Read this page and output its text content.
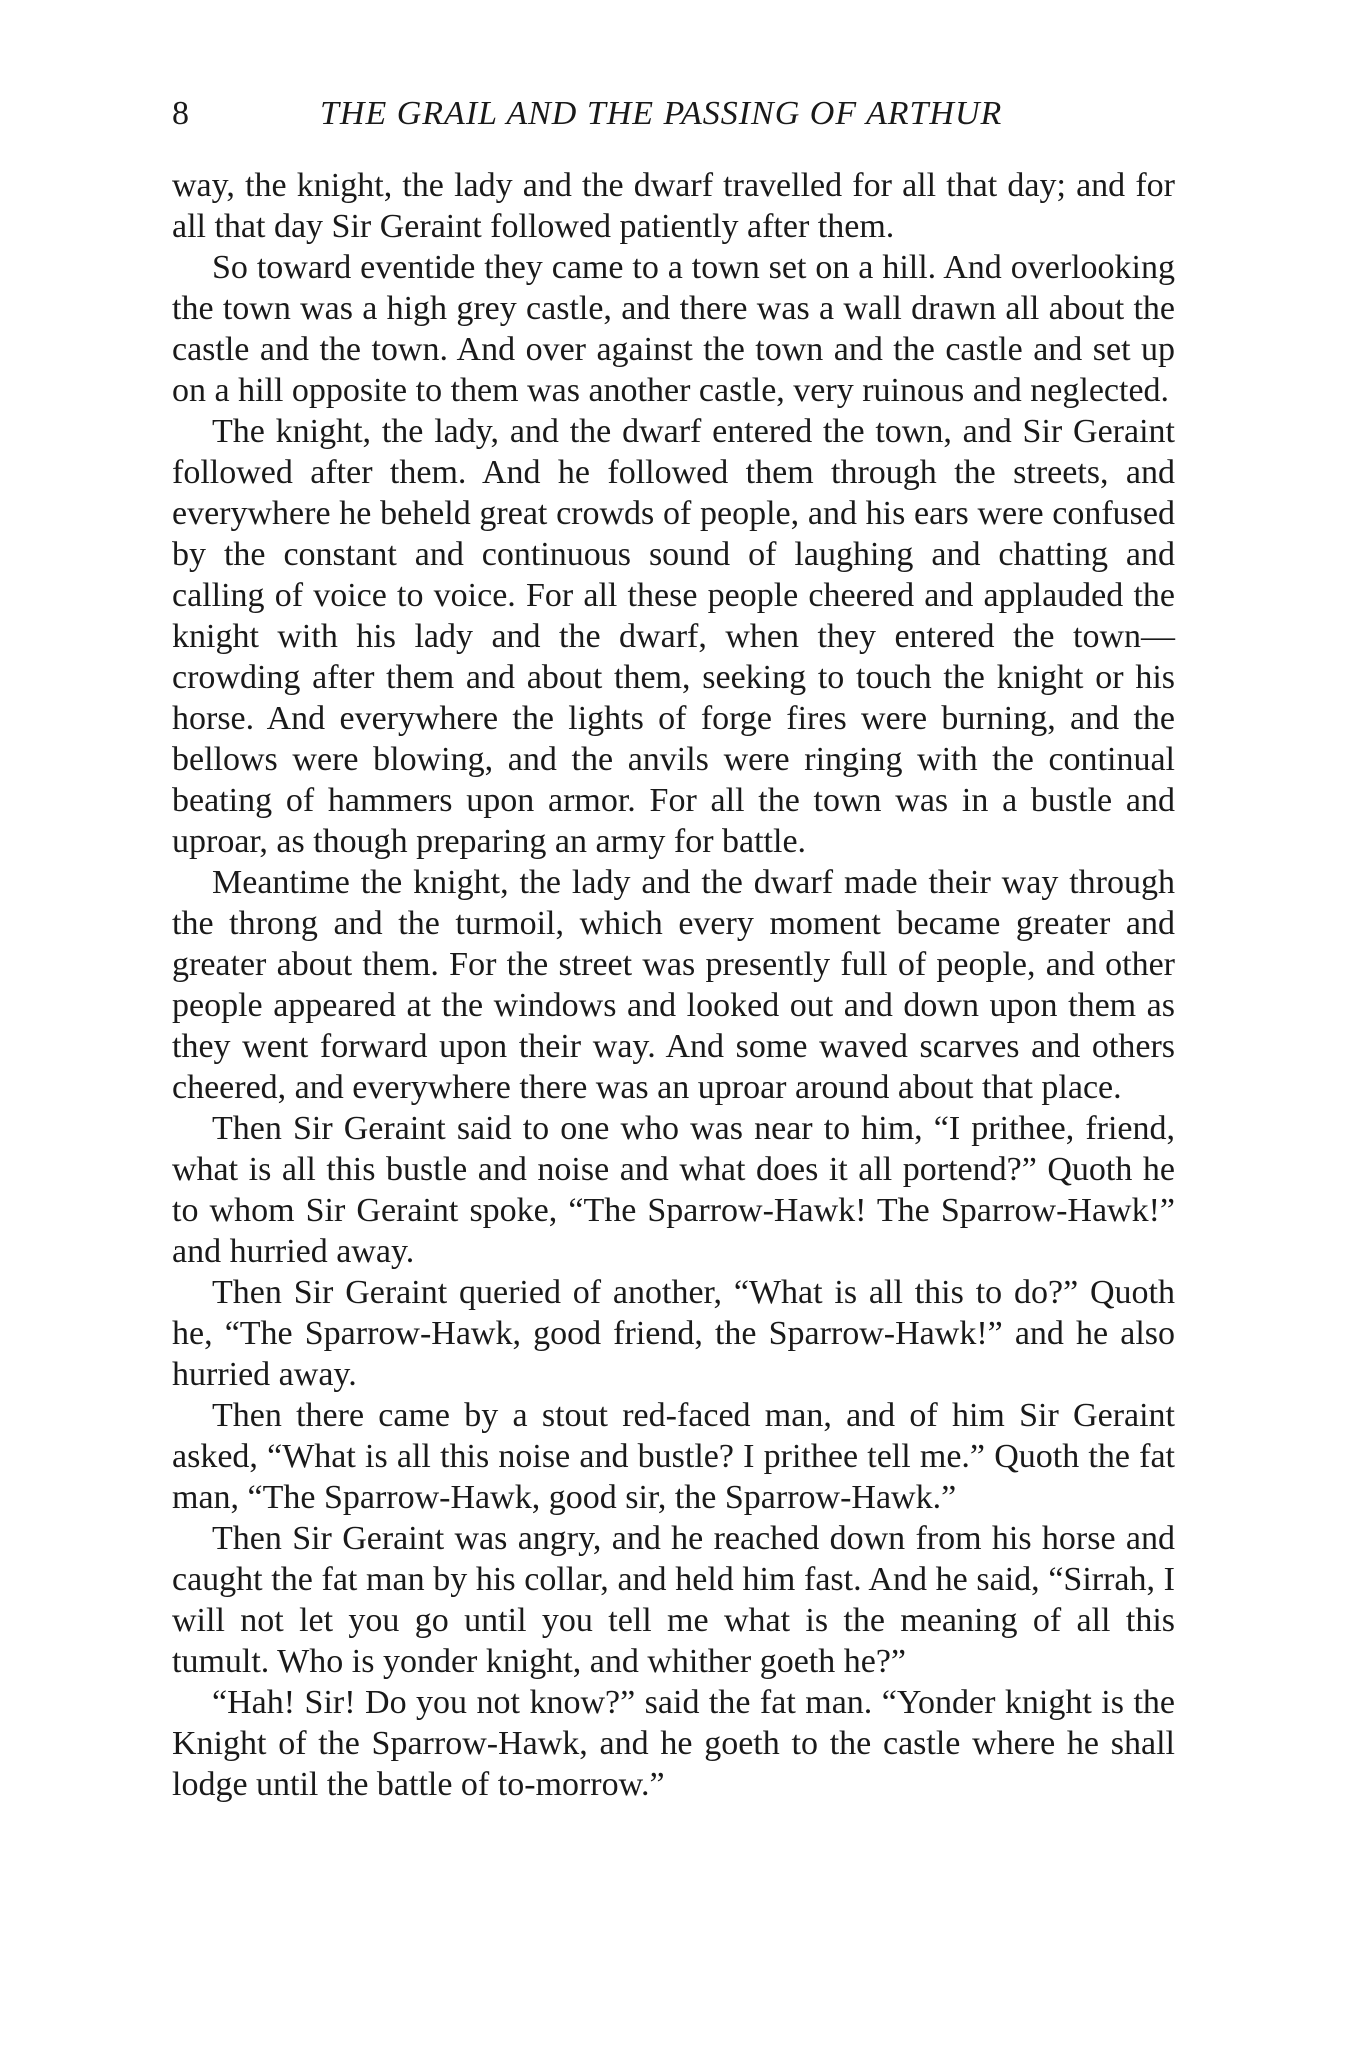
8	THE GRAIL AND THE PASSING OF ARTHUR

way, the knight, the lady and the dwarf travelled for all that day; and for all that day Sir Geraint followed patiently after them.

So toward eventide they came to a town set on a hill. And overlooking the town was a high grey castle, and there was a wall drawn all about the castle and the town. And over against the town and the castle and set up on a hill opposite to them was another castle, very ruinous and neglected.

The knight, the lady, and the dwarf entered the town, and Sir Geraint followed after them. And he followed them through the streets, and everywhere he beheld great crowds of people, and his ears were confused by the constant and continuous sound of laughing and chatting and calling of voice to voice. For all these people cheered and applauded the knight with his lady and the dwarf, when they entered the town—crowding after them and about them, seeking to touch the knight or his horse. And everywhere the lights of forge fires were burning, and the bellows were blowing, and the anvils were ringing with the continual beating of hammers upon armor. For all the town was in a bustle and uproar, as though preparing an army for battle.

Meantime the knight, the lady and the dwarf made their way through the throng and the turmoil, which every moment became greater and greater about them. For the street was presently full of people, and other people appeared at the windows and looked out and down upon them as they went forward upon their way. And some waved scarves and others cheered, and everywhere there was an uproar around about that place.

Then Sir Geraint said to one who was near to him, “I prithee, friend, what is all this bustle and noise and what does it all portend?” Quoth he to whom Sir Geraint spoke, “The Sparrow-Hawk! The Sparrow-Hawk!” and hurried away.

Then Sir Geraint queried of another, “What is all this to do?” Quoth he, “The Sparrow-Hawk, good friend, the Sparrow-Hawk!” and he also hurried away.

Then there came by a stout red-faced man, and of him Sir Geraint asked, “What is all this noise and bustle? I prithee tell me.” Quoth the fat man, “The Sparrow-Hawk, good sir, the Sparrow-Hawk.”

Then Sir Geraint was angry, and he reached down from his horse and caught the fat man by his collar, and held him fast. And he said, “Sirrah, I will not let you go until you tell me what is the meaning of all this tumult. Who is yonder knight, and whither goeth he?”

“Hah! Sir! Do you not know?” said the fat man. “Yonder knight is the Knight of the Sparrow-Hawk, and he goeth to the castle where he shall lodge until the battle of to-morrow.”
